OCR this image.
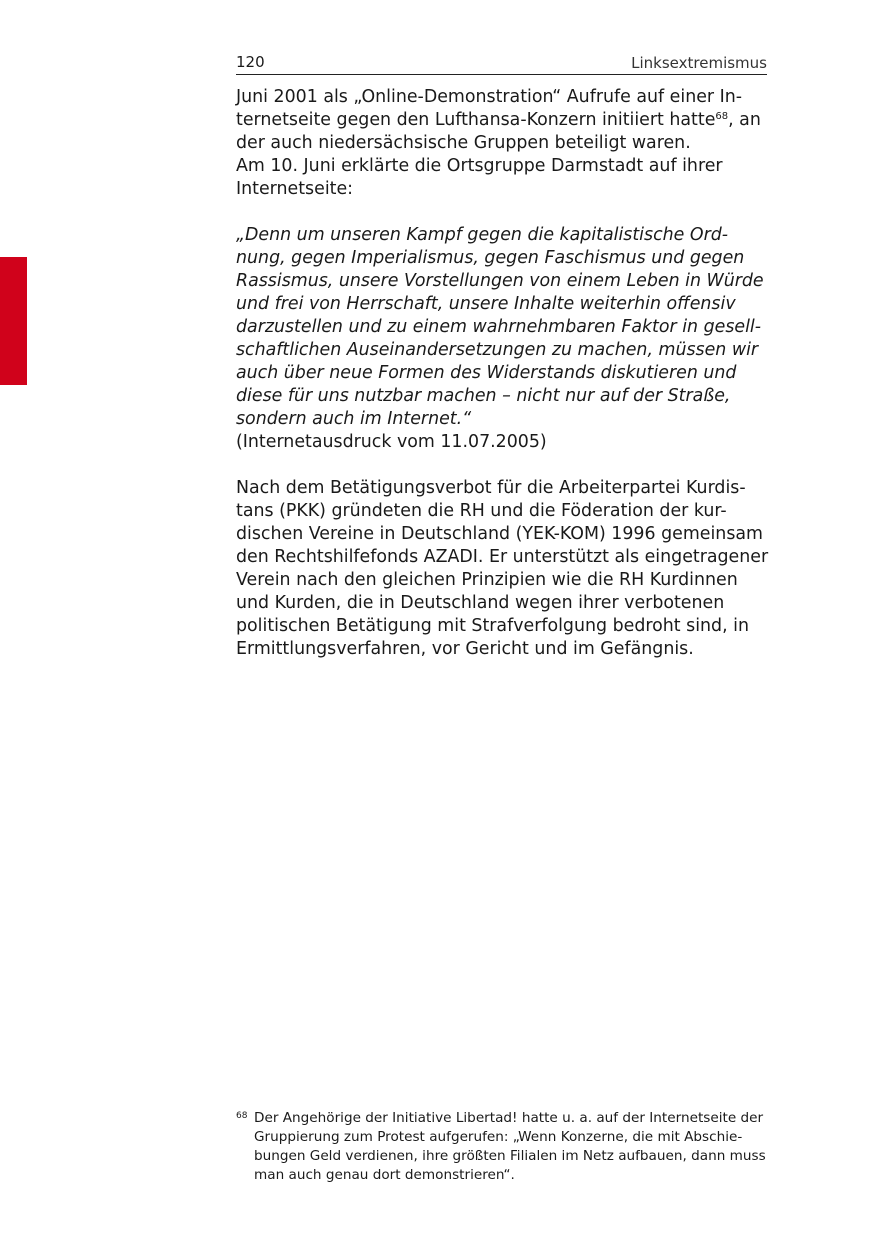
120	Linksextremismus
Juni 2001 als „Online-Demonstration“ Aufrufe auf einer In-
ternetseite gegen den Lufthansa-Konzern initiiert hatte$^{68}$, an
der auch niedersächsische Gruppen beteiligt waren.
Am 10. Juni erklärte die Ortsgruppe Darmstadt auf ihrer
Internetseite:
„Denn um unseren Kampf gegen die kapitalistische Ord-
nung, gegen Imperialismus, gegen Faschismus und gegen
Rassismus, unsere Vorstellungen von einem Leben in Würde
und frei von Herrschaft, unsere Inhalte weiterhin offensiv
darzustellen und zu einem wahrnehmbaren Faktor in gesell-
schaftlichen Auseinandersetzungen zu machen, müssen wir
auch über neue Formen des Widerstands diskutieren und
diese für uns nutzbar machen – nicht nur auf der Straße,
sondern auch im Internet.“
(Internetausdruck vom 11.07.2005)
Nach dem Betätigungsverbot für die Arbeiterpartei Kurdis-
tans (PKK) gründeten die RH und die Föderation der kur-
dischen Vereine in Deutschland (YEK-KOM) 1996 gemeinsam
den Rechtshilfefonds AZADI. Er unterstützt als eingetragener
Verein nach den gleichen Prinzipien wie die RH Kurdinnen
und Kurden, die in Deutschland wegen ihrer verbotenen
politischen Betätigung mit Strafverfolgung bedroht sind, in
Ermittlungsverfahren, vor Gericht und im Gefängnis.
68 Der Angehörige der Initiative Libertad! hatte u. a. auf der Internetseite der
Gruppierung zum Protest aufgerufen: „Wenn Konzerne, die mit Abschie-
bungen Geld verdienen, ihre größten Filialen im Netz aufbauen, dann muss
man auch genau dort demonstrieren“.
